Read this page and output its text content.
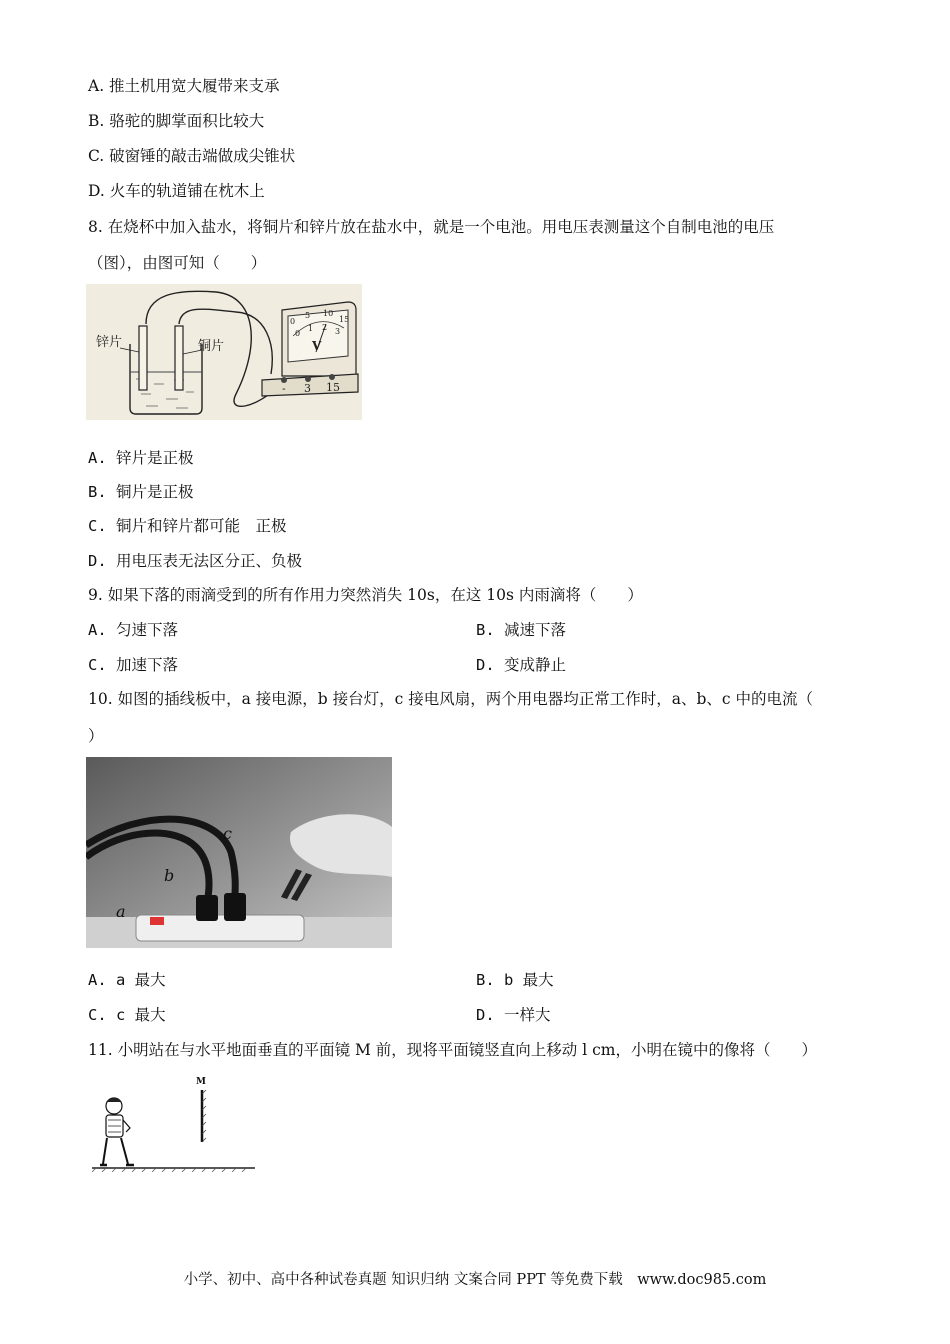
A. 推土机用宽大履带来支承
B. 骆驼的脚掌面积比较大
C. 破窗锤的敲击端做成尖锥状
D. 火车的轨道铺在枕木上
8. 在烧杯中加入盐水，将铜片和锌片放在盐水中，就是一个电池。用电压表测量这个自制电池的电压
（图），由图可知（　　）
锌片	铜片
0
5 10
15
0
1 2 3
V
- 3 15
A. 锌片是正极
B. 铜片是正极
C. 铜片和锌片都可能　正极
D. 用电压表无法区分正、负极
9. 如果下落的雨滴受到的所有作用力突然消失 10s，在这 10s 内雨滴将（　　）
A. 匀速下落	B. 减速下落
C. 加速下落	D. 变成静止
10. 如图的插线板中，a 接电源，b 接台灯，c 接电风扇，两个用电器均正常工作时，a、b、c 中的电流（
）
a
b
c
A. a 最大	B. b 最大
C. c 最大	D. 一样大
11. 小明站在与水平地面垂直的平面镜 M 前，现将平面镜竖直向上移动 l cm，小明在镜中的像将（　　）
M
小学、初中、高中各种试卷真题 知识归纳 文案合同 PPT 等免费下载　www.doc985.com
